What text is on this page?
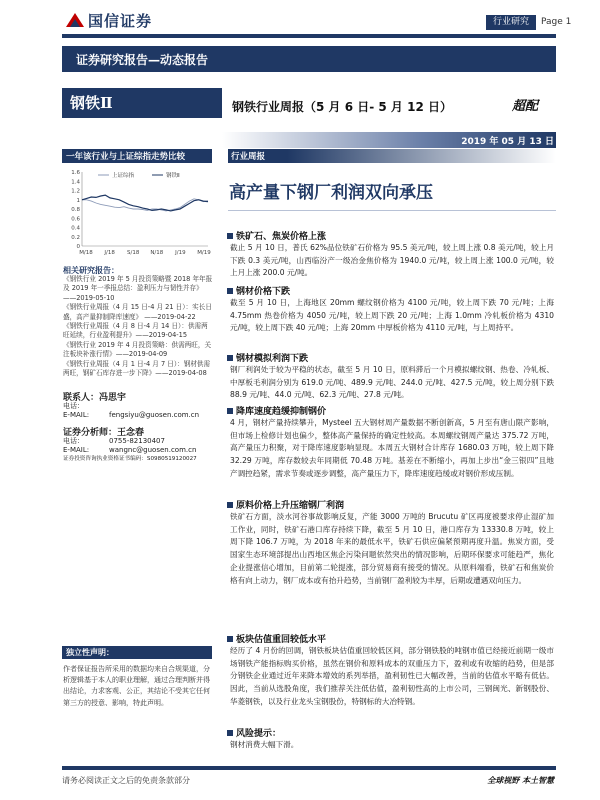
国信证券	行业研究	Page 1
证券研究报告—动态报告
钢铁Ⅱ	钢铁行业周报（5 月 6 日- 5 月 12 日）	超配
2019 年 05 月 13 日
一年该行业与上证综指走势比较
0
0.2
0.4
0.6
0.8
1
1.2
1.4
1.6
M/18 J/18 S/18 N/18 J/19 M/19
上证综指	钢铁Ⅱ
相关研究报告：
《钢铁行业 2019 年 5 月投资策略暨 2018 年年报及 2019 年一季报总结：盈利压力与韧性并存》 ——2019-05-10
《钢铁行业周报（4 月 15 日-4 月 21 日）：实长日盛，高产量抑制降库速度》 ——2019-04-22
《钢铁行业周报（4 月 8 日-4 月 14 日）：供需两旺延续，行业盈利提升》——2019-04-15
《钢铁行业 2019 年 4 月投资策略：供需两旺，关注板块补涨行情》——2019-04-09
《钢铁行业周报（4 月 1 日-4 月 7 日）：钢材供需两旺，钢矿石库存进一步下降》——2019-04-08
联系人：冯思宇
电话：
E-MAIL:	fengsiyu@guosen.com.cn
证券分析师：王念春
电话：	0755-82130407
E-MAIL:	wangnc@guosen.com.cn
证券投资咨询执业资格证书编码：S0980519120027
独立性声明：
作者保证报告所采用的数据均来自合规渠道，分析逻辑基于本人的职业理解，通过合理判断并得出结论，力求客观、公正，其结论不受其它任何第三方的授意、影响，特此声明。
行业周报
高产量下钢厂利润双向承压
铁矿石、焦炭价格上涨
截止 5 月 10 日，普氏 62%品位铁矿石价格为 95.5 美元/吨，较上周上涨 0.8 美元/吨，较上月下跌 0.3 美元/吨，山西临汾产一级冶金焦价格为 1940.0 元/吨，较上周上涨 100.0 元/吨，较上月上涨 200.0 元/吨。
钢材价格下跌
截至 5 月 10 日，上海地区 20mm 螺纹钢价格为 4100 元/吨，较上周下跌 70 元/吨；上海 4.75mm 热卷价格为 4050 元/吨，较上周下跌 20 元/吨；上海 1.0mm 冷轧板价格为 4310 元/吨，较上周下跌 40 元/吨；上海 20mm 中厚板价格为 4110 元/吨，与上周持平。
钢材模拟利润下跌
钢厂利润处于较为平稳的状态，截至 5 月 10 日，原料滞后一个月模拟螺纹钢、热卷、冷轧板、中厚板毛利润分别为 619.0 元/吨、489.9 元/吨、244.0 元/吨、427.5 元/吨，较上周分别下跌 88.9 元/吨、44.0 元/吨、62.3 元/吨、27.8 元/吨。
降库速度趋缓抑制钢价
4 月，钢材产量持续攀升，Mysteel 五大钢材周产量数据不断创新高，5 月至有唐山限产影响，但市场上检修计划也偏少，整体高产量保持的确定性较高。本周螺纹钢周产量达 375.72 万吨，高产量压力积聚，对于降库速度影响显现。本周五大钢材合计库存 1680.03 万吨，较上周下降 32.29 万吨，库存数较去年同期低 70.48 万吨。基差在不断缩小，再加上步出“金三银四”且地产调控趋紧，需求节奏或逐步调整，高产量压力下，降库速度趋缓或对钢价形成压制。
原料价格上升压缩钢厂利润
铁矿石方面，淡水河谷事故影响反复，产能 3000 万吨的 Brucutu 矿区再度被要求停止湿矿加工作业，同时，铁矿石港口库存持续下降，截至 5 月 10 日，港口库存为 13330.8 万吨，较上周下降 106.7 万吨，为 2018 年来的最低水平，铁矿石供应偏紧预期再度升温。焦炭方面，受国家生态环境部提出山西地区焦企污染问题依然突出的情况影响，后期环保要求可能趋严，焦化企业提涨信心增加，目前第二轮提涨，部分贸易商有接受的情况。从原料端看，铁矿石和焦炭价格有向上动力，钢厂成本或有抬升趋势，当前钢厂盈利较为丰厚，后期或遭遇双向压力。
板块估值重回较低水平
经历了 4 月份的回调，钢铁板块估值重回较低区间，部分钢铁股的吨钢市值已经接近前期一级市场钢铁产能指标购买价格，虽然在钢价和原料成本的双重压力下，盈利或有收缩的趋势，但是部分钢铁企业通过近年来降本增效的系列举措，盈利韧性已大幅改善，当前的估值水平略有低估。因此，当前从选股角度，我们推荐关注低估值，盈利韧性高的上市公司，三钢闽光、新钢股份、华菱钢铁，以及行业龙头宝钢股份，特钢标的大冶特钢。
风险提示：
钢材消费大幅下滑。
请务必阅读正文之后的免责条款部分	全球视野 本土智慧
